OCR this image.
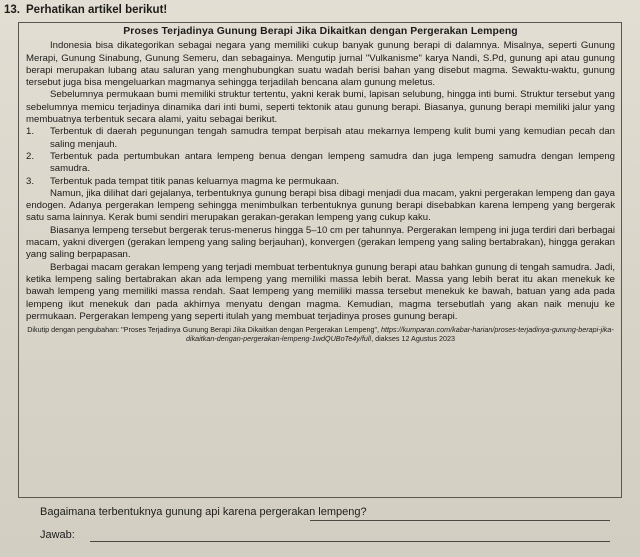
13. Perhatikan artikel berikut!
Proses Terjadinya Gunung Berapi Jika Dikaitkan dengan Pergerakan Lempeng

Indonesia bisa dikategorikan sebagai negara yang memiliki cukup banyak gunung berapi di dalamnya. Misalnya, seperti Gunung Merapi, Gunung Sinabung, Gunung Semeru, dan sebagainya. Mengutip jurnal "Vulkanisme" karya Nandi, S.Pd, gunung api atau gunung berapi merupakan lubang atau saluran yang menghubungkan suatu wadah berisi bahan yang disebut magma. Sewaktu-waktu, gunung tersebut juga bisa mengeluarkan magmanya sehingga terjadilah bencana alam gunung meletus.

Sebelumnya permukaan bumi memiliki struktur tertentu, yakni kerak bumi, lapisan selubung, hingga inti bumi. Struktur tersebut yang sebelumnya memicu terjadinya dinamika dari inti bumi, seperti tektonik atau gunung berapi. Biasanya, gunung berapi memiliki jalur yang membuatnya terbentuk secara alami, yaitu sebagai berikut.

1.	Terbentuk di daerah pegunungan tengah samudra tempat berpisah atau mekarnya lempeng kulit bumi yang kemudian pecah dan saling menjauh.
2.	Terbentuk pada pertumbukan antara lempeng benua dengan lempeng samudra dan juga lempeng samudra dengan lempeng samudra.
3.	Terbentuk pada tempat titik panas keluarnya magma ke permukaan.

Namun, jika dilihat dari gejalanya, terbentuknya gunung berapi bisa dibagi menjadi dua macam, yakni pergerakan lempeng dan gaya endogen. Adanya pergerakan lempeng sehingga menimbulkan terbentuknya gunung berapi disebabkan karena lempeng yang bergerak satu sama lainnya. Kerak bumi sendiri merupakan gerakan-gerakan lempeng yang cukup kaku.

Biasanya lempeng tersebut bergerak terus-menerus hingga 5–10 cm per tahunnya. Pergerakan lempeng ini juga terdiri dari berbagai macam, yakni divergen (gerakan lempeng yang saling berjauhan), konvergen (gerakan lempeng yang saling bertabrakan), hingga gerakan yang saling berpapasan.

Berbagai macam gerakan lempeng yang terjadi membuat terbentuknya gunung berapi atau bahkan gunung di tengah samudra. Jadi, ketika lempeng saling bertabrakan akan ada lempeng yang memiliki massa lebih berat. Massa yang lebih berat itu akan menekuk ke bawah lempeng yang memiliki massa rendah. Saat lempeng yang memiliki massa tersebut menekuk ke bawah, batuan yang ada pada lempeng ikut menekuk dan pada akhirnya menyatu dengan magma. Kemudian, magma tersebutlah yang akan naik menuju ke permukaan. Pergerakan lempeng yang seperti itulah yang membuat terjadinya proses gunung berapi.

Dikutip dengan pengubahan: "Proses Terjadinya Gunung Berapi Jika Dikaitkan dengan Pergerakan Lempeng", https://kumparan.com/kabar-harian/proses-terjadinya-gunung-berapi-jika-dikaitkan-dengan-pergerakan-lempeng-1wdQUBoTe4y/full, diakses 12 Agustus 2023
Bagaimana terbentuknya gunung api karena pergerakan lempeng?
Jawab:
